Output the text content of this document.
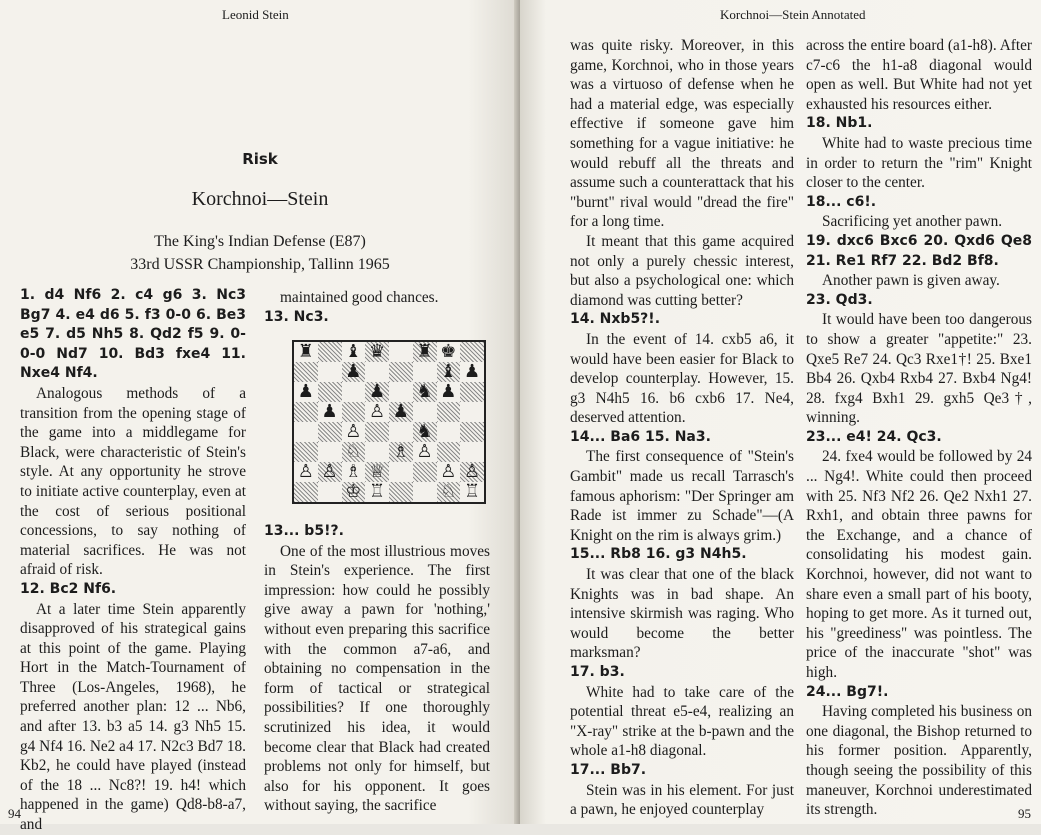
Leonid Stein
Risk
Korchnoi—Stein
The King's Indian Defense (E87)
33rd USSR Championship, Tallinn 1965

1. d4 Nf6 2. c4 g6 3. Nc3 Bg7 4. e4 d6 5. f3 0-0 6. Be3 e5 7. d5 Nh5 8. Qd2 f5 9. 0-0-0 Nd7 10. Bd3 fxe4 11. Nxe4 Nf4.

Analogous methods of a transition from the opening stage of the game into a middlegame for Black, were characteristic of Stein's style. At any opportunity he strove to initiate active counterplay, even at the cost of serious positional concessions, to say nothing of material sacrifices. He was not afraid of risk.

12. Bc2 Nf6.

At a later time Stein apparently disapproved of his strategical gains at this point of the game. Playing Hort in the Match-Tournament of Three (Los-Angeles, 1968), he preferred another plan: 12 ... Nb6, and after 13. b3 a5 14. g3 Nh5 15. g4 Nf4 16. Ne2 a4 17. N2c3 Bd7 18. Kb2, he could have played (instead of the 18 ... Nc8?! 19. h4! which happened in the game) Qd8-b8-a7, and

maintained good chances.

13. Nc3.

♜ ♝ ♛ ♜ ♚
♟	♝ ♟
♟	♟ ♞ ♟
♟ ♙ ♟
♙	♞
♘ ♗ ♙
♙ ♙ ♗ ♕	♙ ♙
♔ ♖	♘ ♖

13... b5!?.

One of the most illustrious moves in Stein's experience. The first impression: how could he possibly give away a pawn for 'nothing,' without even preparing this sacrifice with the common a7-a6, and obtaining no compensation in the form of tactical or strategical possibilities? If one thoroughly scrutinized his idea, it would become clear that Black had created problems not only for himself, but also for his opponent. It goes without saying, the sacrifice

94
Korchnoi—Stein Annotated

was quite risky. Moreover, in this game, Korchnoi, who in those years was a virtuoso of defense when he had a material edge, was especially effective if someone gave him something for a vague initiative: he would rebuff all the threats and assume such a counterattack that his "burnt" rival would "dread the fire" for a long time.

It meant that this game acquired not only a purely chessic interest, but also a psychological one: which diamond was cutting better?

14. Nxb5?!.

In the event of 14. cxb5 a6, it would have been easier for Black to develop counterplay. However, 15. g3 N4h5 16. b6 cxb6 17. Ne4, deserved attention.

14... Ba6 15. Na3.

The first consequence of "Stein's Gambit" made us recall Tarrasch's famous aphorism: "Der Springer am Rade ist immer zu Schade"—(A Knight on the rim is always grim.)

15... Rb8 16. g3 N4h5.

It was clear that one of the black Knights was in bad shape. An intensive skirmish was raging. Who would become the better marksman?

17. b3.

White had to take care of the potential threat e5-e4, realizing an "X-ray" strike at the b-pawn and the whole a1-h8 diagonal.

17... Bb7.

Stein was in his element. For just a pawn, he enjoyed counterplay

across the entire board (a1-h8). After c7-c6 the h1-a8 diagonal would open as well. But White had not yet exhausted his resources either.

18. Nb1.

White had to waste precious time in order to return the "rim" Knight closer to the center.

18... c6!.

Sacrificing yet another pawn.

19. dxc6 Bxc6 20. Qxd6 Qe8 21. Re1 Rf7 22. Bd2 Bf8.

Another pawn is given away.

23. Qd3.

It would have been too dangerous to show a greater "appetite:" 23. Qxe5 Re7 24. Qc3 Rxe1†! 25. Bxe1 Bb4 26. Qxb4 Rxb4 27. Bxb4 Ng4! 28. fxg4 Bxh1 29. gxh5 Qe3†, winning.

23... e4! 24. Qc3.

24. fxe4 would be followed by 24 ... Ng4!. White could then proceed with 25. Nf3 Nf2 26. Qe2 Nxh1 27. Rxh1, and obtain three pawns for the Exchange, and a chance of consolidating his modest gain. Korchnoi, however, did not want to share even a small part of his booty, hoping to get more. As it turned out, his "greediness" was pointless. The price of the inaccurate "shot" was high.

24... Bg7!.

Having completed his business on one diagonal, the Bishop returned to his former position. Apparently, though seeing the possibility of this maneuver, Korchnoi underestimated its strength.	95
